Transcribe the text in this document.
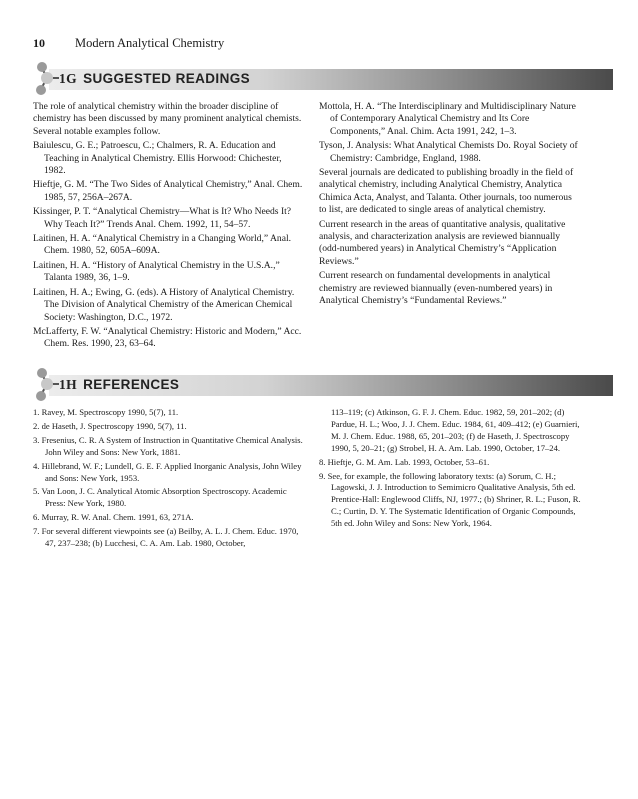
10 Modern Analytical Chemistry
1G SUGGESTED READINGS

The role of analytical chemistry within the broader discipline of chemistry has been discussed by many prominent analytical chemists. Several notable examples follow.

Baiulescu, G. E.; Patroescu, C.; Chalmers, R. A. Education and Teaching in Analytical Chemistry. Ellis Horwood: Chichester, 1982.

Hieftje, G. M. “The Two Sides of Analytical Chemistry,” Anal. Chem. 1985, 57, 256A–267A.

Kissinger, P. T. “Analytical Chemistry—What is It? Who Needs It? Why Teach It?” Trends Anal. Chem. 1992, 11, 54–57.

Laitinen, H. A. “Analytical Chemistry in a Changing World,” Anal. Chem. 1980, 52, 605A–609A.

Laitinen, H. A. “History of Analytical Chemistry in the U.S.A.,” Talanta 1989, 36, 1–9.

Laitinen, H. A.; Ewing, G. (eds). A History of Analytical Chemistry. The Division of Analytical Chemistry of the American Chemical Society: Washington, D.C., 1972.

McLafferty, F. W. “Analytical Chemistry: Historic and Modern,” Acc. Chem. Res. 1990, 23, 63–64.

Mottola, H. A. “The Interdisciplinary and Multidisciplinary Nature of Contemporary Analytical Chemistry and Its Core Components,” Anal. Chim. Acta 1991, 242, 1–3.

Tyson, J. Analysis: What Analytical Chemists Do. Royal Society of Chemistry: Cambridge, England, 1988.

Several journals are dedicated to publishing broadly in the field of analytical chemistry, including Analytical Chemistry, Analytica Chimica Acta, Analyst, and Talanta. Other journals, too numerous to list, are dedicated to single areas of analytical chemistry.

Current research in the areas of quantitative analysis, qualitative analysis, and characterization analysis are reviewed biannually (odd-numbered years) in Analytical Chemistry’s “Application Reviews.”

Current research on fundamental developments in analytical chemistry are reviewed biannually (even-numbered years) in Analytical Chemistry’s “Fundamental Reviews.”

1H REFERENCES

1. Ravey, M. Spectroscopy 1990, 5(7), 11.

2. de Haseth, J. Spectroscopy 1990, 5(7), 11.

3. Fresenius, C. R. A System of Instruction in Quantitative Chemical Analysis. John Wiley and Sons: New York, 1881.

4. Hillebrand, W. F.; Lundell, G. E. F. Applied Inorganic Analysis, John Wiley and Sons: New York, 1953.

5. Van Loon, J. C. Analytical Atomic Absorption Spectroscopy. Academic Press: New York, 1980.

6. Murray, R. W. Anal. Chem. 1991, 63, 271A.

7. For several different viewpoints see (a) Beilby, A. L. J. Chem. Educ. 1970, 47, 237–238; (b) Lucchesi, C. A. Am. Lab. 1980, October,

113–119; (c) Atkinson, G. F. J. Chem. Educ. 1982, 59, 201–202; (d) Pardue, H. L.; Woo, J. J. Chem. Educ. 1984, 61, 409–412; (e) Guarnieri, M. J. Chem. Educ. 1988, 65, 201–203; (f) de Haseth, J. Spectroscopy 1990, 5, 20–21; (g) Strobel, H. A. Am. Lab. 1990, October, 17–24.

8. Hieftje, G. M. Am. Lab. 1993, October, 53–61.

9. See, for example, the following laboratory texts: (a) Sorum, C. H.; Lagowski, J. J. Introduction to Semimicro Qualitative Analysis, 5th ed. Prentice-Hall: Englewood Cliffs, NJ, 1977.; (b) Shriner, R. L.; Fuson, R. C.; Curtin, D. Y. The Systematic Identification of Organic Compounds, 5th ed. John Wiley and Sons: New York, 1964.
